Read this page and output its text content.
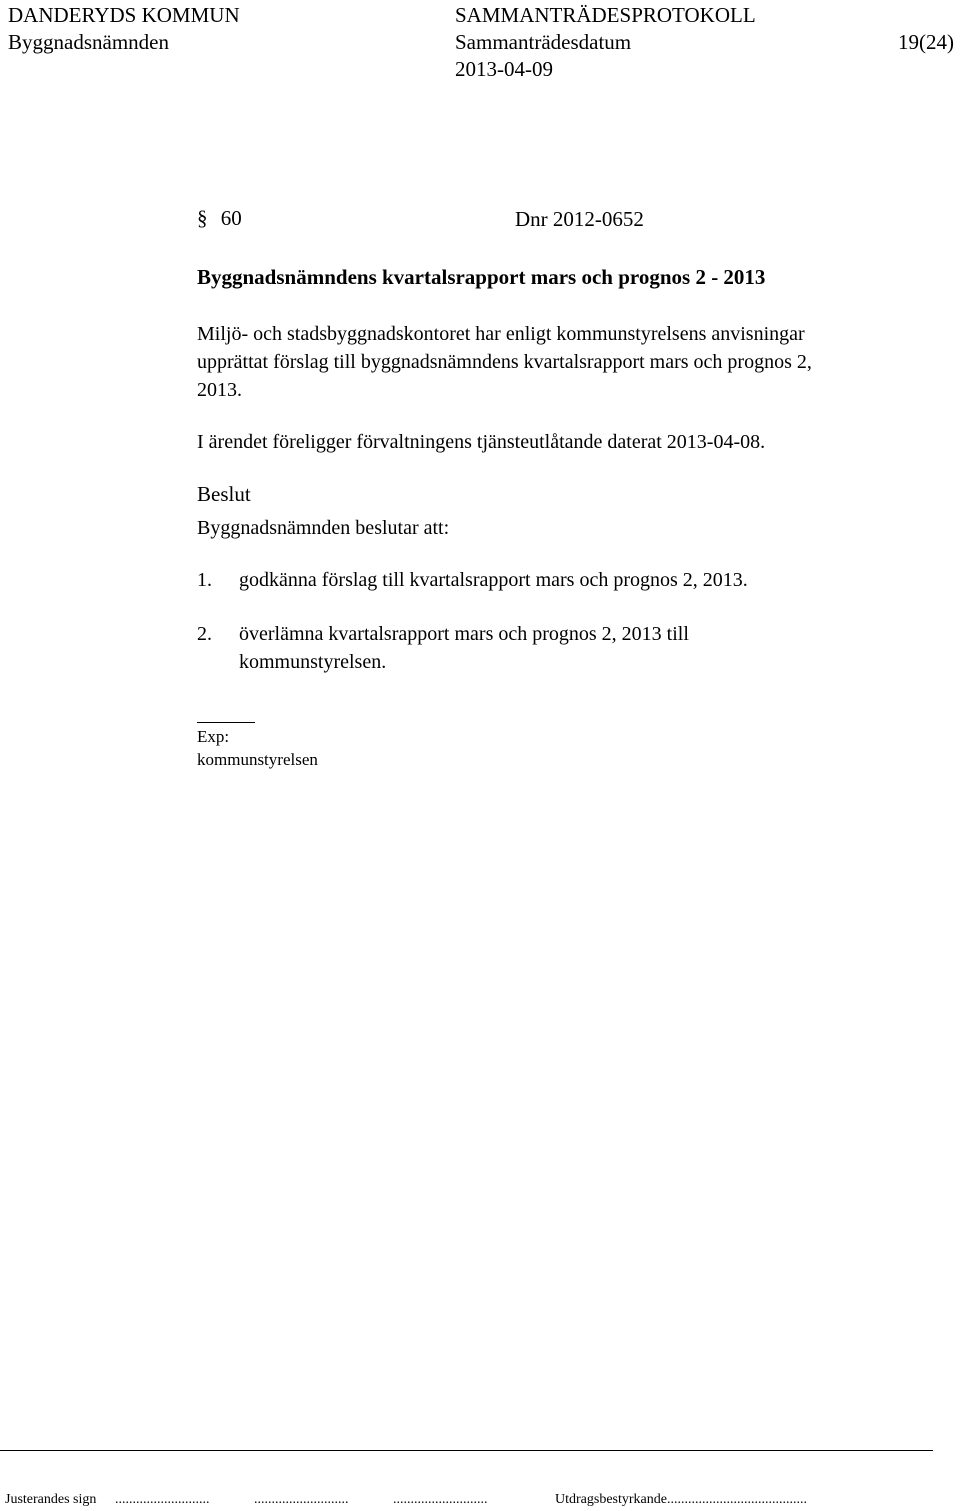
DANDERYDS KOMMUN	SAMMANTRÄDESPROTOKOLL
Byggnadsnämnden	Sammanträdesdatum	19(24)
2013-04-09
§ 60	Dnr 2012-0652
Byggnadsnämndens kvartalsrapport mars och prognos 2 - 2013
Miljö- och stadsbyggnadskontoret har enligt kommunstyrelsens anvisningar
upprättat förslag till byggnadsnämndens kvartalsrapport mars och prognos 2,
2013.
I ärendet föreligger förvaltningens tjänsteutlåtande daterat 2013-04-08.
Beslut
Byggnadsnämnden beslutar att:
1. godkänna förslag till kvartalsrapport mars och prognos 2, 2013.
2. överlämna kvartalsrapport mars och prognos 2, 2013 till
kommunstyrelsen.
Exp:
kommunstyrelsen
Justerandes sign ...........................	...........................	...........................	Utdragsbestyrkande........................................
